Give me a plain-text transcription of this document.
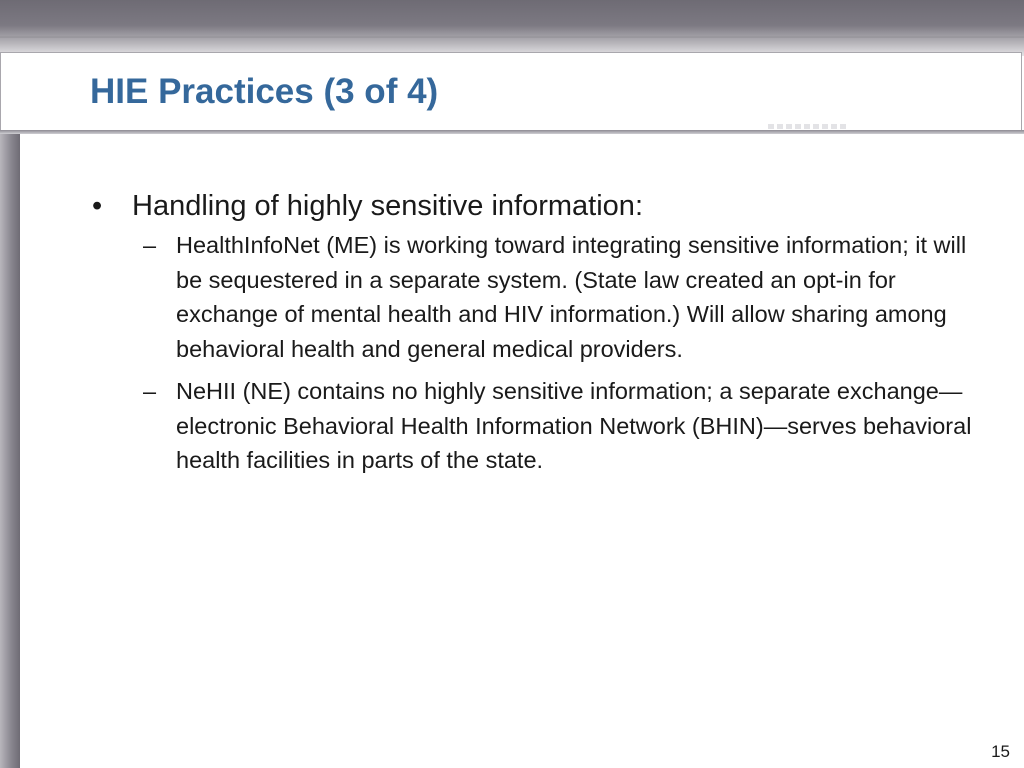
HIE Practices (3 of 4)
•	Handling of highly sensitive information:
– HealthInfoNet (ME) is working toward integrating sensitive information; it will be sequestered in a separate system. (State law created an opt-in for exchange of mental health and HIV information.) Will allow sharing among behavioral health and general medical providers.
– NeHII (NE) contains no highly sensitive information; a separate exchange—electronic Behavioral Health Information Network (BHIN)—serves behavioral health facilities in parts of the state.
15
